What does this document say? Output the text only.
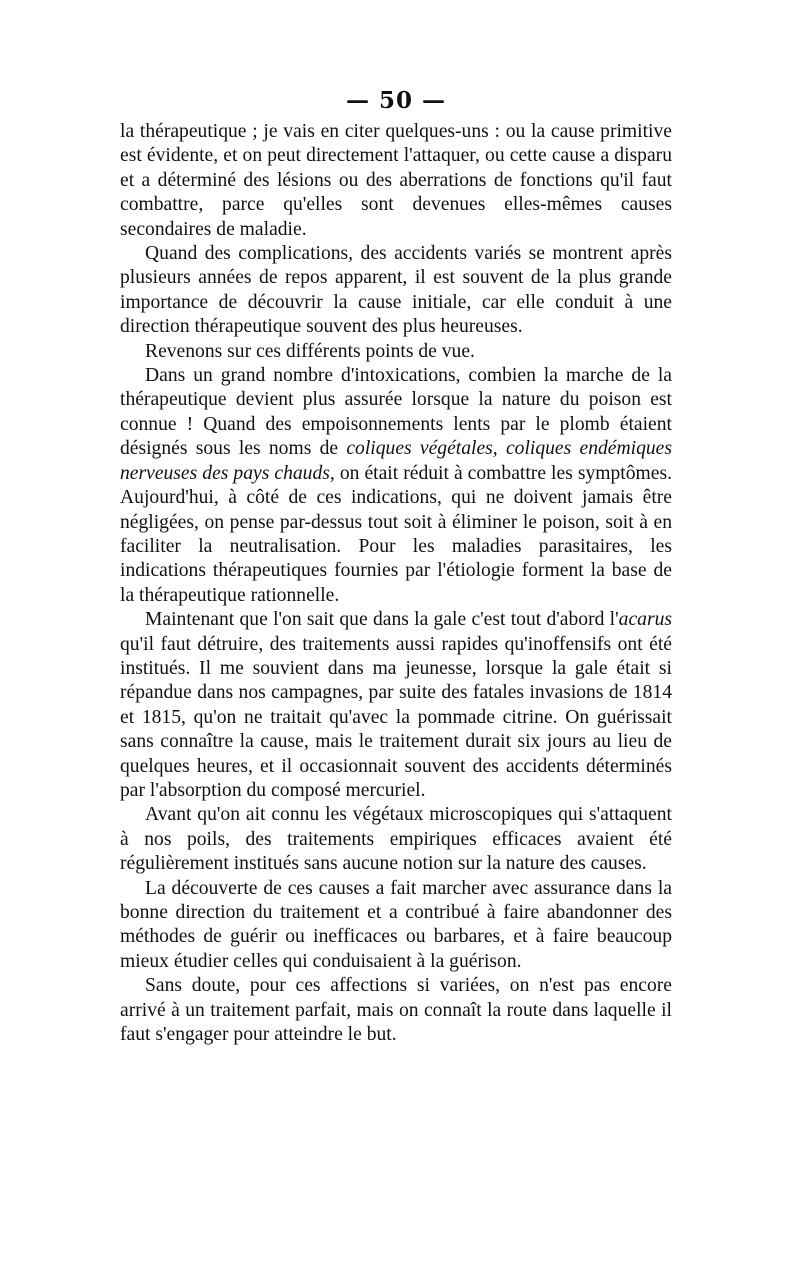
— 50 —

la thérapeutique ; je vais en citer quelques-uns : ou la cause primitive est évidente, et on peut directement l'attaquer, ou cette cause a disparu et a déterminé des lésions ou des aberrations de fonctions qu'il faut combattre, parce qu'elles sont devenues elles-mêmes causes secondaires de maladie.

Quand des complications, des accidents variés se montrent après plusieurs années de repos apparent, il est souvent de la plus grande importance de découvrir la cause initiale, car elle conduit à une direction thérapeutique souvent des plus heureuses.

Revenons sur ces différents points de vue.

Dans un grand nombre d'intoxications, combien la marche de la thérapeutique devient plus assurée lorsque la nature du poison est connue ! Quand des empoisonnements lents par le plomb étaient désignés sous les noms de coliques végétales, coliques endémiques nerveuses des pays chauds, on était réduit à combattre les symptômes. Aujourd'hui, à côté de ces indications, qui ne doivent jamais être négligées, on pense par-dessus tout soit à éliminer le poison, soit à en faciliter la neutralisation. Pour les maladies parasitaires, les indications thérapeutiques fournies par l'étiologie forment la base de la thérapeutique rationnelle.

Maintenant que l'on sait que dans la gale c'est tout d'abord l'acarus qu'il faut détruire, des traitements aussi rapides qu'inoffensifs ont été institués. Il me souvient dans ma jeunesse, lorsque la gale était si répandue dans nos campagnes, par suite des fatales invasions de 1814 et 1815, qu'on ne traitait qu'avec la pommade citrine. On guérissait sans connaître la cause, mais le traitement durait six jours au lieu de quelques heures, et il occasionnait souvent des accidents déterminés par l'absorption du composé mercuriel.

Avant qu'on ait connu les végétaux microscopiques qui s'attaquent à nos poils, des traitements empiriques efficaces avaient été régulièrement institués sans aucune notion sur la nature des causes.

La découverte de ces causes a fait marcher avec assurance dans la bonne direction du traitement et a contribué à faire abandonner des méthodes de guérir ou inefficaces ou barbares, et à faire beaucoup mieux étudier celles qui conduisaient à la guérison.

Sans doute, pour ces affections si variées, on n'est pas encore arrivé à un traitement parfait, mais on connaît la route dans laquelle il faut s'engager pour atteindre le but.
